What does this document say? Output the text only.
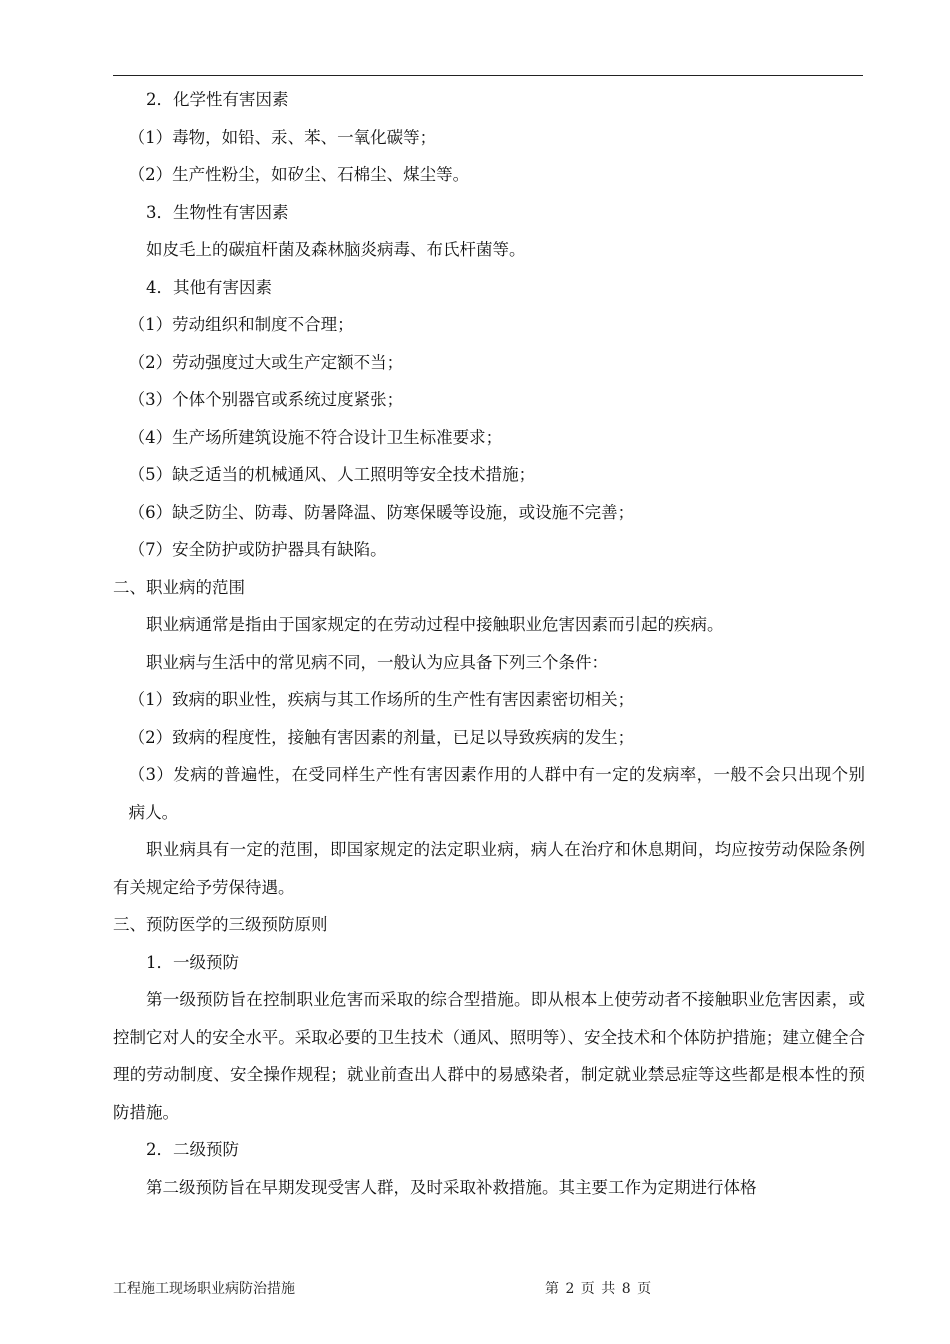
2．化学性有害因素

（1）毒物，如铅、汞、苯、一氧化碳等；

（2）生产性粉尘，如矽尘、石棉尘、煤尘等。

3．生物性有害因素

如皮毛上的碳疽杆菌及森林脑炎病毒、布氏杆菌等。

4．其他有害因素

（1）劳动组织和制度不合理；

（2）劳动强度过大或生产定额不当；

（3）个体个别器官或系统过度紧张；

（4）生产场所建筑设施不符合设计卫生标准要求；

（5）缺乏适当的机械通风、人工照明等安全技术措施；

（6）缺乏防尘、防毒、防暑降温、防寒保暖等设施，或设施不完善；

（7）安全防护或防护器具有缺陷。

二、职业病的范围

职业病通常是指由于国家规定的在劳动过程中接触职业危害因素而引起的疾病。

职业病与生活中的常见病不同，一般认为应具备下列三个条件：

（1）致病的职业性，疾病与其工作场所的生产性有害因素密切相关；

（2）致病的程度性，接触有害因素的剂量，已足以导致疾病的发生；

（3）发病的普遍性，在受同样生产性有害因素作用的人群中有一定的发病率，一般不会只出现个别病人。

职业病具有一定的范围，即国家规定的法定职业病，病人在治疗和休息期间，均应按劳动保险条例有关规定给予劳保待遇。

三、预防医学的三级预防原则

1．一级预防

第一级预防旨在控制职业危害而采取的综合型措施。即从根本上使劳动者不接触职业危害因素，或控制它对人的安全水平。采取必要的卫生技术（通风、照明等）、安全技术和个体防护措施；建立健全合理的劳动制度、安全操作规程；就业前查出人群中的易感染者，制定就业禁忌症等这些都是根本性的预防措施。

2．二级预防

第二级预防旨在早期发现受害人群，及时采取补救措施。其主要工作为定期进行体格

工程施工现场职业病防治措施	第 2 页 共 8 页
